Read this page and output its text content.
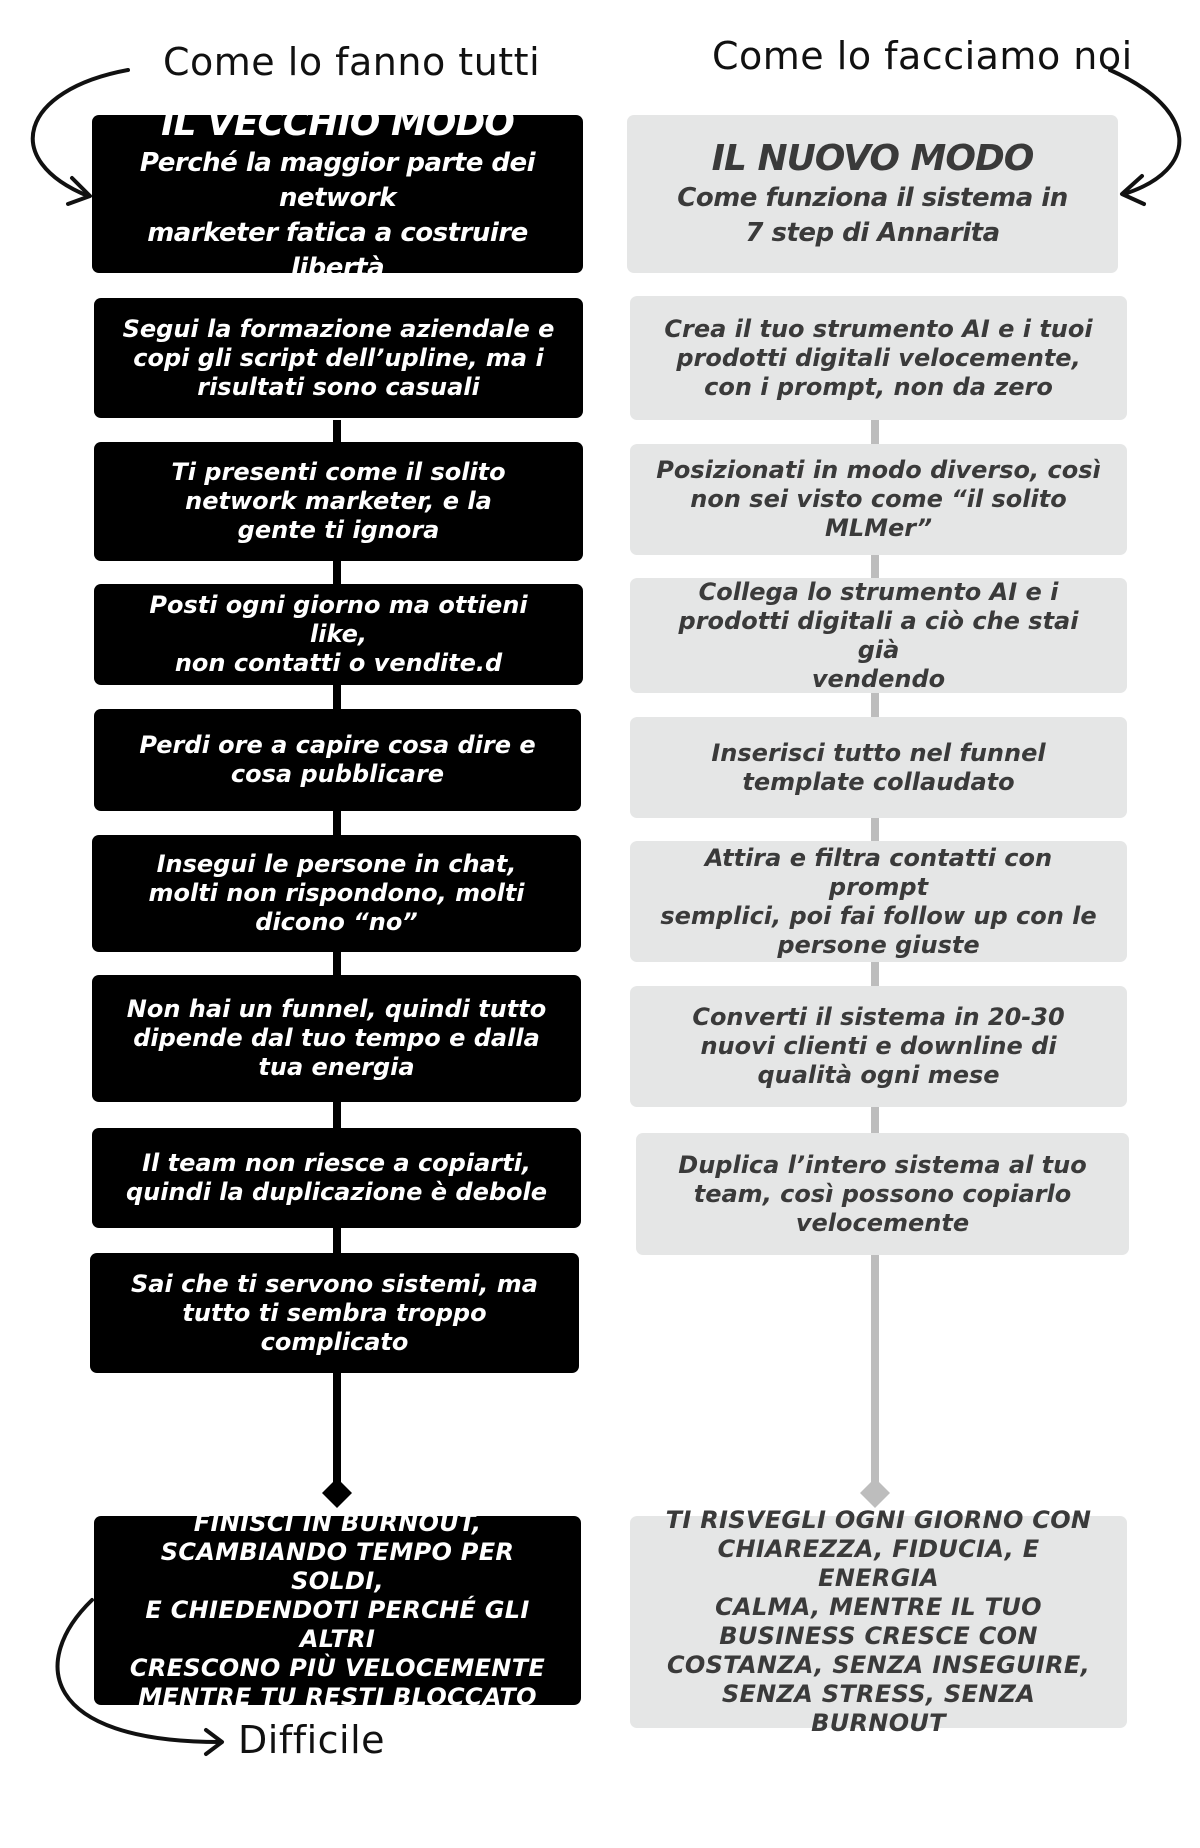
Come lo fanno tutti	Come lo facciamo noi
Difficile
IL VECCHIO MODO
Perché la maggior parte dei network
marketer fatica a costruire libertà
IL NUOVO MODO
Come funziona il sistema in
7 step di Annarita
Segui la formazione aziendale e
copi gli script dell’upline, ma i
risultati sono casuali
Ti presenti come il solito
network marketer, e la
gente ti ignora
Posti ogni giorno ma ottieni like,
non contatti o vendite.d
Perdi ore a capire cosa dire e
cosa pubblicare
Insegui le persone in chat,
molti non rispondono, molti
dicono “no”
Non hai un funnel, quindi tutto
dipende dal tuo tempo e dalla
tua energia
Il team non riesce a copiarti,
quindi la duplicazione è debole
Sai che ti servono sistemi, ma
tutto ti sembra troppo
complicato
Crea il tuo strumento AI e i tuoi
prodotti digitali velocemente,
con i prompt, non da zero
Posizionati in modo diverso, così
non sei visto come “il solito MLMer”
Collega lo strumento AI e i
prodotti digitali a ciò che stai già
vendendo
Inserisci tutto nel funnel
template collaudato
Attira e filtra contatti con prompt
semplici, poi fai follow up con le
persone giuste
Converti il sistema in 20-30
nuovi clienti e downline di
qualità ogni mese
Duplica l’intero sistema al tuo
team, così possono copiarlo
velocemente
FINISCI IN BURNOUT,
SCAMBIANDO TEMPO PER SOLDI,
E CHIEDENDOTI PERCHÉ GLI ALTRI
CRESCONO PIÙ VELOCEMENTE
MENTRE TU RESTI BLOCCATO
TI RISVEGLI OGNI GIORNO CON
CHIAREZZA, FIDUCIA, E ENERGIA
CALMA, MENTRE IL TUO
BUSINESS CRESCE CON
COSTANZA, SENZA INSEGUIRE,
SENZA STRESS, SENZA BURNOUT
